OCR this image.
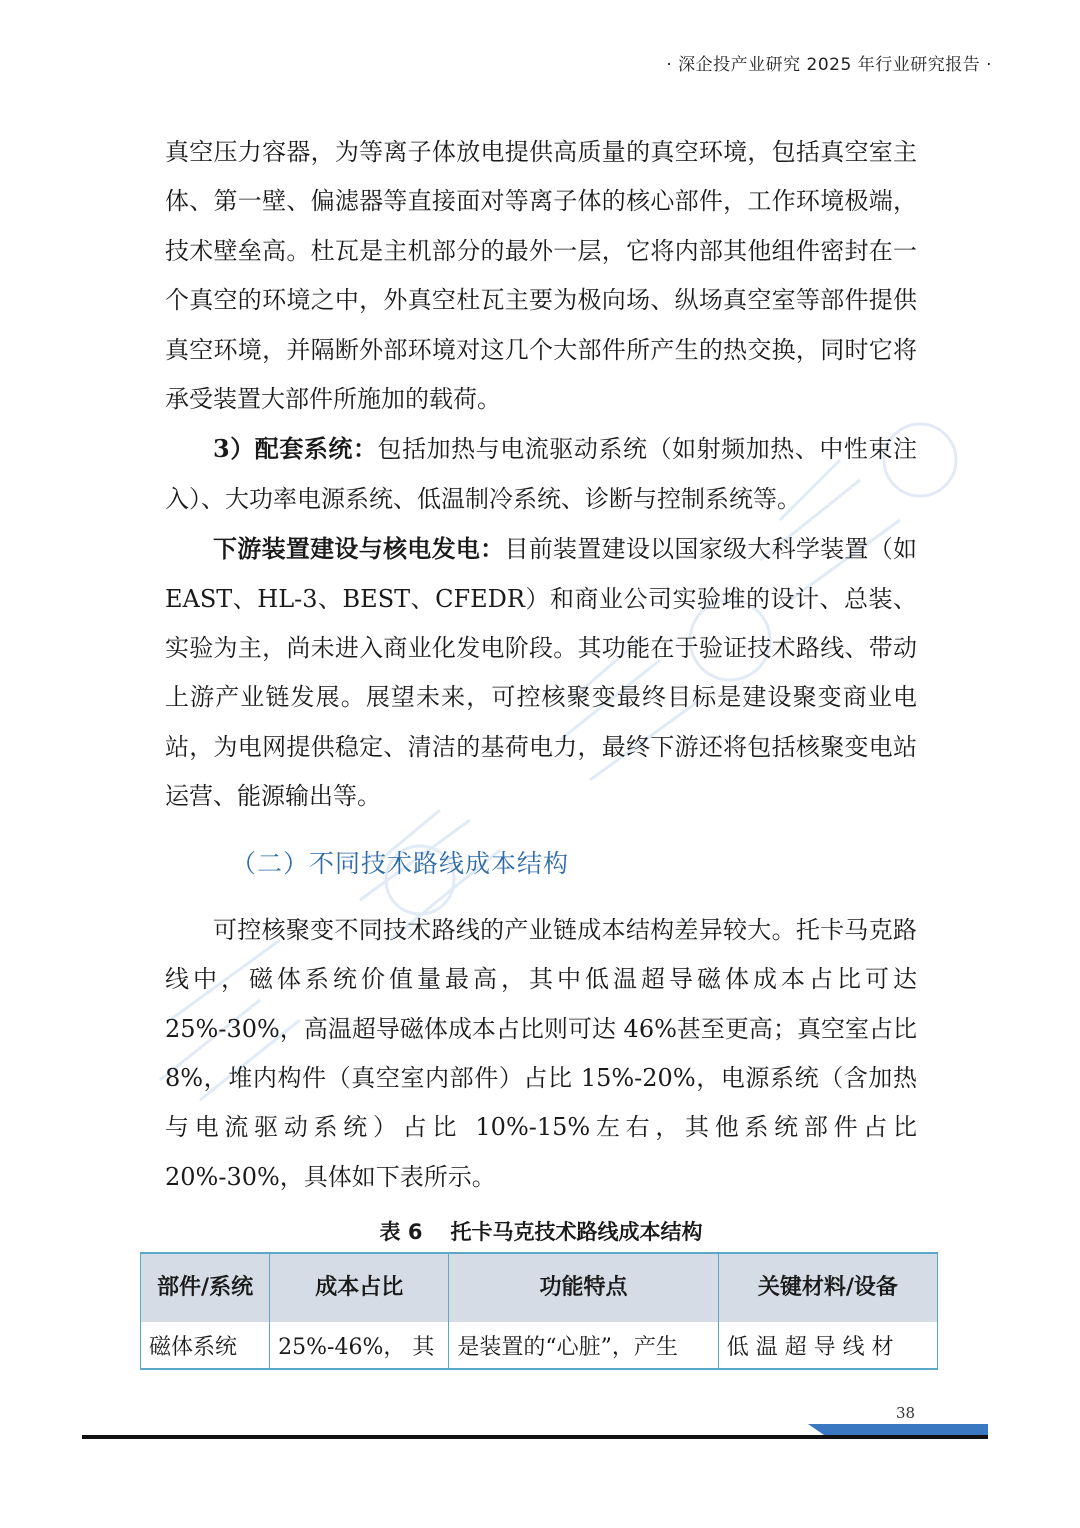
· 深企投产业研究 2025 年行业研究报告 ·

真空压力容器，为等离子体放电提供高质量的真空环境，包括真空室主体、第一壁、偏滤器等直接面对等离子体的核心部件，工作环境极端，技术壁垒高。杜瓦是主机部分的最外一层，它将内部其他组件密封在一个真空的环境之中，外真空杜瓦主要为极向场、纵场真空室等部件提供真空环境，并隔断外部环境对这几个大部件所产生的热交换，同时它将承受装置大部件所施加的载荷。

3）配套系统：包括加热与电流驱动系统（如射频加热、中性束注入）、大功率电源系统、低温制冷系统、诊断与控制系统等。

下游装置建设与核电发电：目前装置建设以国家级大科学装置（如 EAST、HL-3、BEST、CFEDR）和商业公司实验堆的设计、总装、实验为主，尚未进入商业化发电阶段。其功能在于验证技术路线、带动上游产业链发展。展望未来，可控核聚变最终目标是建设聚变商业电站，为电网提供稳定、清洁的基荷电力，最终下游还将包括核聚变电站运营、能源输出等。

（二）不同技术路线成本结构

可控核聚变不同技术路线的产业链成本结构差异较大。托卡马克路线中，磁体系统价值量最高，其中低温超导磁体成本占比可达 25%-30%，高温超导磁体成本占比则可达 46%甚至更高；真空室占比 8%，堆内构件（真空室内部件）占比 15%-20%，电源系统（含加热与电流驱动系统）占比 10%-15%左右，其他系统部件占比 20%-30%，具体如下表所示。

表 6 托卡马克技术路线成本结构
部件/系统	成本占比	功能特点	关键材料/设备
磁体系统	25%-46%， 其	是装置的“心脏”，产生	低 温 超 导 线 材
38
